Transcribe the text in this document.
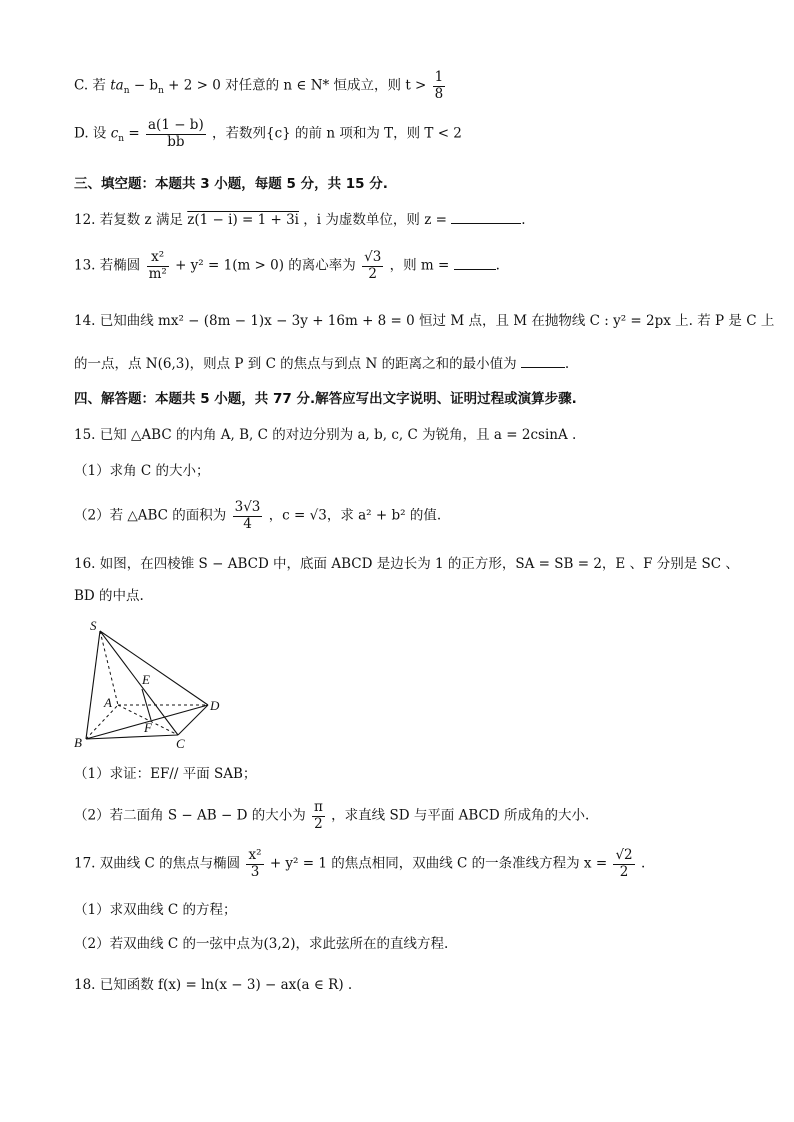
C. 若 $ta_n - b_n + 2 > 0$ 对任意的 n ∈ N* 恒成立，则 $t > \frac{1}{8}$
D. 设 $c_n = \frac{a(1 - b)}{bb}$ ，若数列{c} 的前 n 项和为 T，则 T < 2
三、填空题：本题共 3 小题，每题 5 分，共 15 分.
12. 若复数 z 满足 z(1 − i) = 1 + 3i ，i 为虚数单位，则 z =	.
13. 若椭圆 $\frac{\text{x²}}{\text{m²}} + y^2 = 1(m > 0)$ 的离心率为 $\frac{√3}{2}$ ，则 m =	.
14. 已知曲线 mx² − (8m − 1)x − 3y + 16m + 8 = 0 恒过 M 点，且 M 在抛物线 C : y² = 2px 上. 若 P 是 C 上
的一点，点 N(6,3)，则点 P 到 C 的焦点与到点 N 的距离之和的最小值为	.
四、解答题：本题共 5 小题，共 77 分.解答应写出文字说明、证明过程或演算步骤.
15. 已知 △ABC 的内角 A, B, C 的对边分别为 a, b, c, C 为锐角，且 a = 2csinA .
（1）求角 C 的大小；
（2）若 △ABC 的面积为 $\frac{3√3}{4}$ ，c = √3，求 a² + b² 的值.
16. 如图，在四棱锥 S − ABCD 中，底面 ABCD 是边长为 1 的正方形，SA = SB = 2，E 、F 分别是 SC 、
BD 的中点.
S
E
A	D
F
B	C
（1）求证：EF// 平面 SAB；
（2）若二面角 S − AB − D 的大小为 $\frac{\pi}{2}$ ，求直线 SD 与平面 ABCD 所成角的大小.
17. 双曲线 C 的焦点与椭圆 $\frac{\text{x²}}{3} + y^2 = 1$ 的焦点相同，双曲线 C 的一条准线方程为 $x = \frac{√2}{2}$ .
（1）求双曲线 C 的方程；
（2）若双曲线 C 的一弦中点为(3,2)，求此弦所在的直线方程.
18. 已知函数 f(x) = ln(x − 3) − ax(a ∈ R) .
